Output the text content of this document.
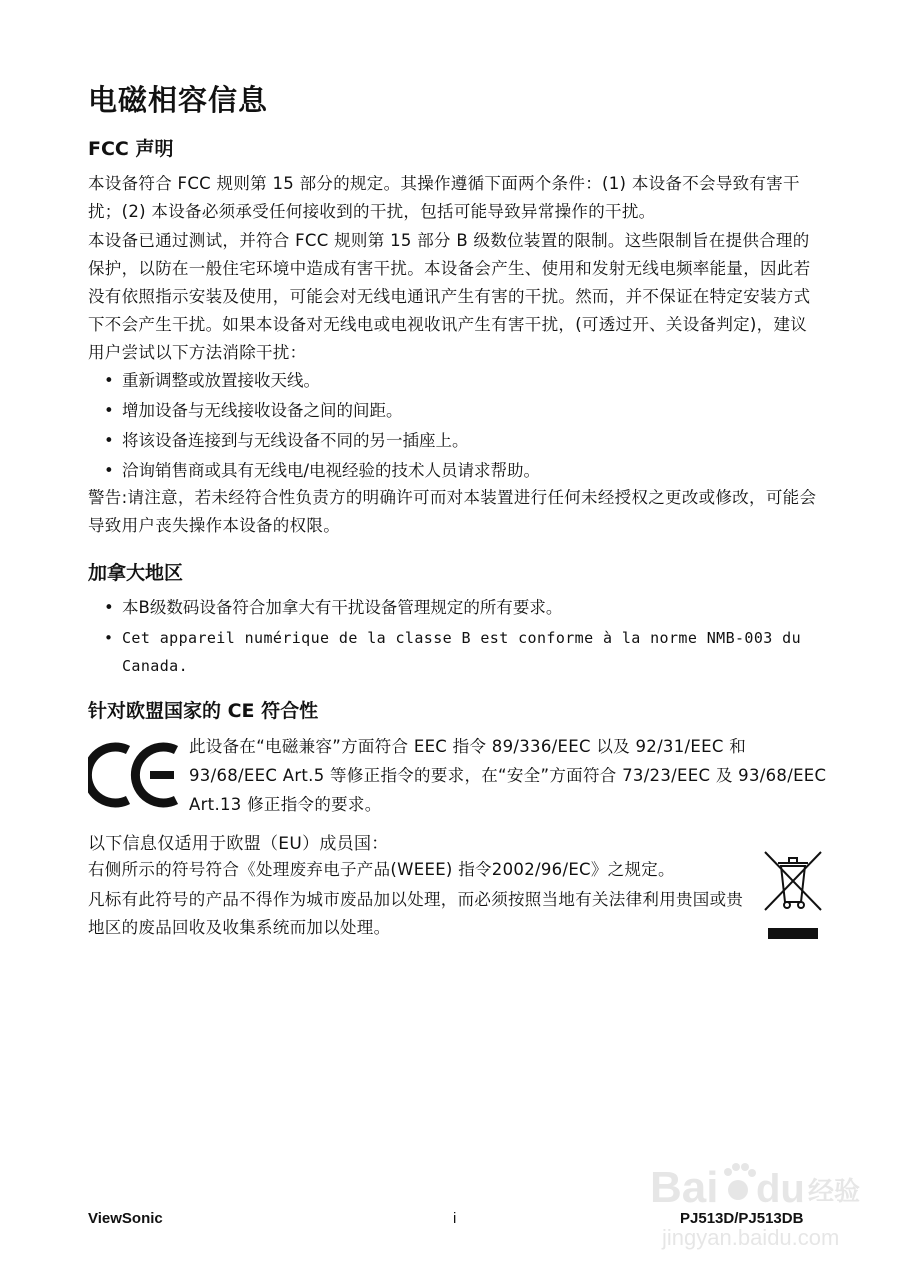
电磁相容信息
FCC 声明

本设备符合 FCC 规则第 15 部分的规定。其操作遵循下面两个条件：(1) 本设备不会导致有害干扰；(2) 本设备必须承受任何接收到的干扰，包括可能导致异常操作的干扰。

本设备已通过测试，并符合 FCC 规则第 15 部分 B 级数位装置的限制。这些限制旨在提供合理的保护，以防在一般住宅环境中造成有害干扰。本设备会产生、使用和发射无线电频率能量，因此若没有依照指示安装及使用，可能会对无线电通讯产生有害的干扰。然而，并不保证在特定安装方式下不会产生干扰。如果本设备对无线电或电视收讯产生有害干扰，(可透过开、关设备判定)，建议用户尝试以下方法消除干扰：

• 重新调整或放置接收天线。
• 增加设备与无线接收设备之间的间距。
• 将该设备连接到与无线设备不同的另一插座上。
• 洽询销售商或具有无线电/电视经验的技术人员请求帮助。

警告:请注意，若未经符合性负责方的明确许可而对本装置进行任何未经授权之更改或修改，可能会导致用户丧失操作本设备的权限。

加拿大地区
• 本B级数码设备符合加拿大有干扰设备管理规定的所有要求。
• Cet appareil numérique de la classe B est conforme à la norme NMB-003 du Canada.
针对欧盟国家的 CE 符合性

此设备在“电磁兼容”方面符合 EEC 指令 89/336/EEC 以及 92/31/EEC 和 93/68/EEC Art.5 等修正指令的要求，在“安全”方面符合 73/23/EEC 及 93/68/EEC Art.13 修正指令的要求。

以下信息仅适用于欧盟（EU）成员国：

右侧所示的符号符合《处理废弃电子产品(WEEE) 指令2002/96/EC》之规定。

凡标有此符号的产品不得作为城市废品加以处理，而必须按照当地有关法律利用贵国或贵地区的废品回收及收集系统而加以处理。

ViewSonic	i	PJ513D/PJ513DB
Bai du 经验
jingyan.baidu.com
